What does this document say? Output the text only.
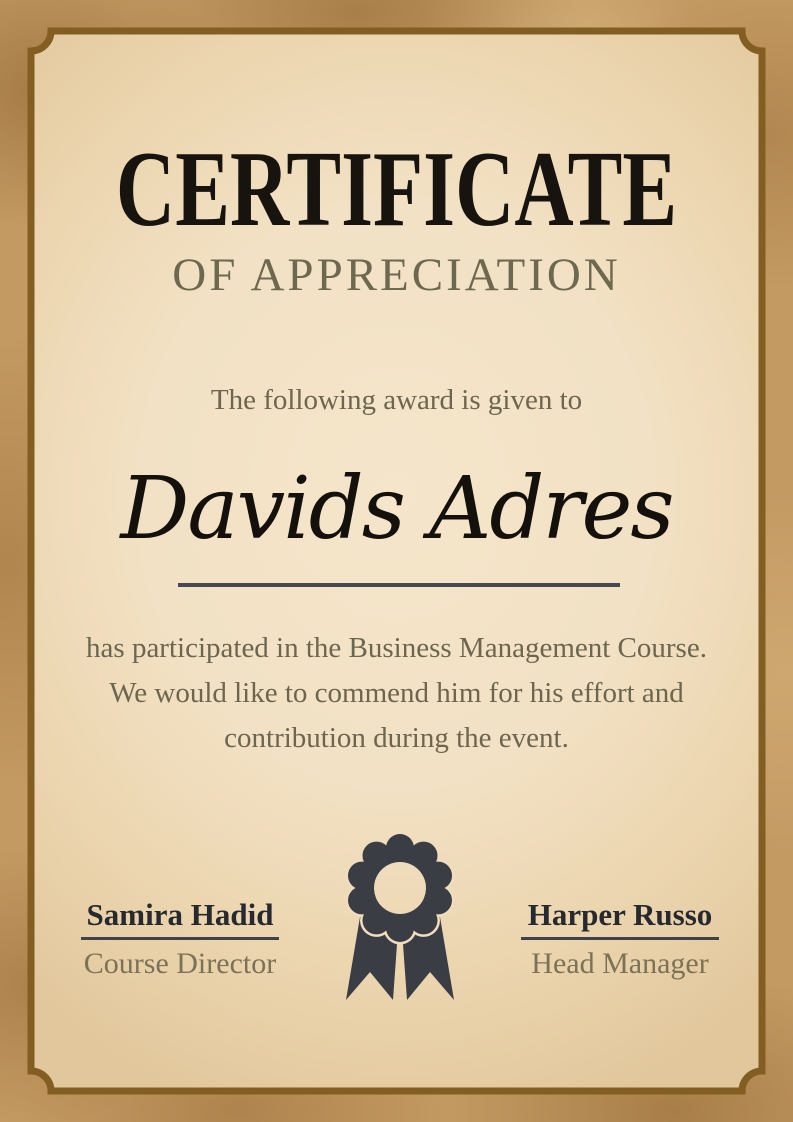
CERTIFICATE
OF APPRECIATION
The following award is given to
Davids Adres
has participated in the Business Management Course. We would like to commend him for his effort and contribution during the event.
Samira Hadid
Course Director
Harper Russo
Head Manager
